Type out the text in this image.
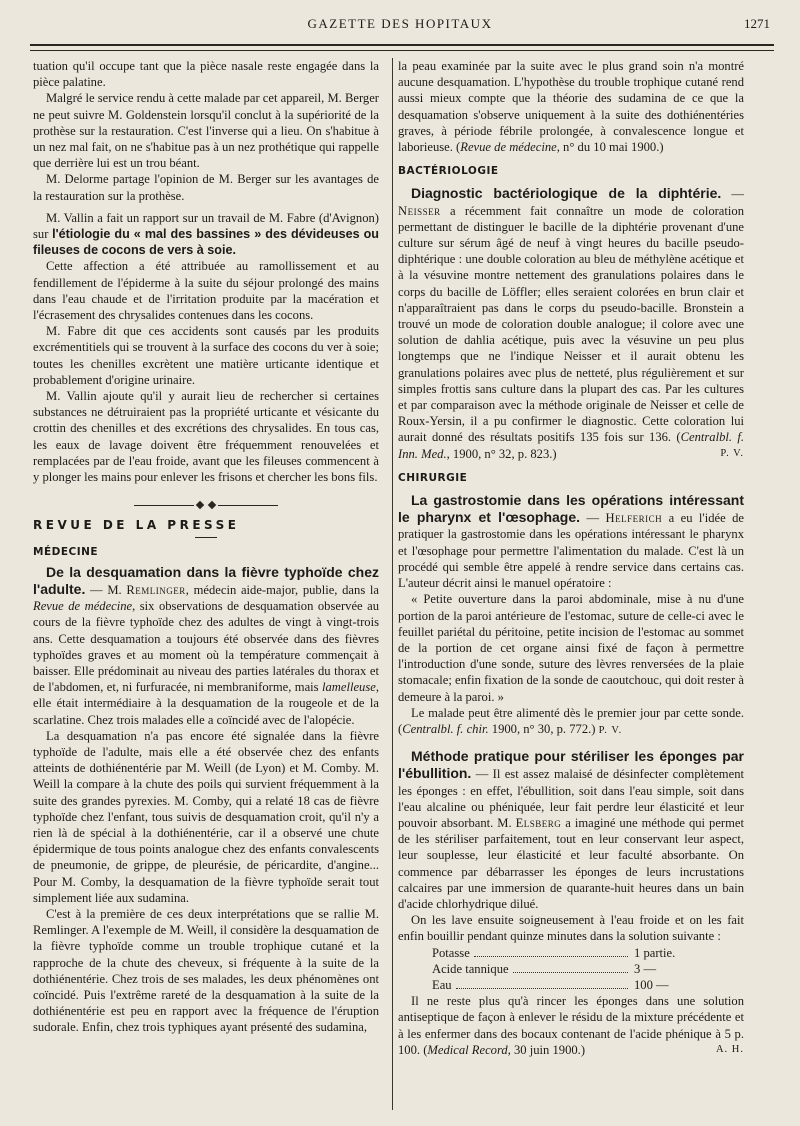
GAZETTE DES HOPITAUX	1271

tuation qu'il occupe tant que la pièce nasale reste engagée dans la pièce palatine.

Malgré le service rendu à cette malade par cet appareil, M. Berger ne peut suivre M. Goldenstein lorsqu'il conclut à la supériorité de la prothèse sur la restauration. C'est l'inverse qui a lieu. On s'habitue à un nez mal fait, on ne s'habitue pas à un nez prothétique qui rappelle que derrière lui est un trou béant.

M. Delorme partage l'opinion de M. Berger sur les avantages de la restauration sur la prothèse.

M. Vallin a fait un rapport sur un travail de M. Fabre (d'Avignon) sur l'étiologie du « mal des bassines » des dévideuses ou fileuses de cocons de vers à soie.

Cette affection a été attribuée au ramollissement et au fendillement de l'épiderme à la suite du séjour prolongé des mains dans l'eau chaude et de l'irritation produite par la macération et l'écrasement des chrysalides contenues dans les cocons.

M. Fabre dit que ces accidents sont causés par les produits excrémentitiels qui se trouvent à la surface des cocons du ver à soie; toutes les chenilles excrètent une matière urticante identique et probablement d'origine urinaire.

M. Vallin ajoute qu'il y aurait lieu de rechercher si certaines substances ne détruiraient pas la propriété urticante et vésicante du crottin des chenilles et des excrétions des chrysalides. En tous cas, les eaux de lavage doivent être fréquemment renouvelées et remplacées par de l'eau froide, avant que les fileuses commencent à y plonger les mains pour enlever les frisons et chercher les bons fils.

REVUE DE LA PRESSE

MÉDECINE

De la desquamation dans la fièvre typhoïde chez l'adulte. — M. Remlinger, médecin aide-major, publie, dans la Revue de médecine, six observations de desquamation observée au cours de la fièvre typhoïde chez des adultes de vingt à vingt-trois ans. Cette desquamation a toujours été observée dans des fièvres typhoïdes graves et au moment où la température commençait à baisser. Elle prédominait au niveau des parties latérales du thorax et de l'abdomen, et, ni furfuracée, ni membraniforme, mais lamelleuse, elle était intermédiaire à la desquamation de la rougeole et de la scarlatine. Chez trois malades elle a coïncidé avec de l'alopécie.

La desquamation n'a pas encore été signalée dans la fièvre typhoïde de l'adulte, mais elle a été observée chez des enfants atteints de dothiénentérie par M. Weill (de Lyon) et M. Comby. M. Weill la compare à la chute des poils qui survient fréquemment à la suite des grandes pyrexies. M. Comby, qui a relaté 18 cas de fièvre typhoïde chez l'enfant, tous suivis de desquamation croit, qu'il n'y a rien là de spécial à la dothiénentérie, car il a observé une chute épidermique de tous points analogue chez des enfants convalescents de pneumonie, de grippe, de pleurésie, de péricardite, d'angine... Pour M. Comby, la desquamation de la fièvre typhoïde serait tout simplement liée aux sudamina.

C'est à la première de ces deux interprétations que se rallie M. Remlinger. A l'exemple de M. Weill, il considère la desquamation de la fièvre typhoïde comme un trouble trophique cutané et la rapproche de la chute des cheveux, si fréquente à la suite de la dothiénentérie. Chez trois de ses malades, les deux phénomènes ont coïncidé. Puis l'extrême rareté de la desquamation à la suite de la dothiénentérie est peu en rapport avec la fréquence de l'éruption sudorale. Enfin, chez trois typhiques ayant présenté des sudamina,

la peau examinée par la suite avec le plus grand soin n'a montré aucune desquamation. L'hypothèse du trouble trophique cutané rend aussi mieux compte que la théorie des sudamina de ce que la desquamation s'observe uniquement à la suite des dothiénentéries graves, à période fébrile prolongée, à convalescence longue et laborieuse. (Revue de médecine, n° du 10 mai 1900.)

BACTÉRIOLOGIE

Diagnostic bactériologique de la diphtérie. — Neisser a récemment fait connaître un mode de coloration permettant de distinguer le bacille de la diphtérie provenant d'une culture sur sérum âgé de neuf à vingt heures du bacille pseudo-diphtérique : une double coloration au bleu de méthylène acétique et à la vésuvine montre nettement des granulations polaires dans le corps du bacille de Löffler; elles seraient colorées en brun clair et n'apparaîtraient pas dans le corps du pseudo-bacille. Bronstein a trouvé un mode de coloration double analogue; il colore avec une solution de dahlia acétique, puis avec la vésuvine un peu plus longtemps que ne l'indique Neisser et il aurait obtenu les granulations polaires avec plus de netteté, plus régulièrement et sur simples frottis sans culture dans la plupart des cas. Par les cultures et par comparaison avec la méthode originale de Neisser et celle de Roux-Yersin, il a pu confirmer le diagnostic. Cette coloration lui aurait donné des résultats positifs 135 fois sur 136. (Centralbl. f. Inn. Med., 1900, n° 32, p. 823.)	P. V.

CHIRURGIE

La gastrostomie dans les opérations intéressant le pharynx et l'œsophage. — Helferich a eu l'idée de pratiquer la gastrostomie dans les opérations intéressant le pharynx et l'œsophage pour permettre l'alimentation du malade. C'est là un procédé qui semble être appelé à rendre service dans certains cas. L'auteur décrit ainsi le manuel opératoire :

« Petite ouverture dans la paroi abdominale, mise à nu d'une portion de la paroi antérieure de l'estomac, suture de celle-ci avec le feuillet pariétal du péritoine, petite incision de l'estomac au sommet de la portion de cet organe ainsi fixé de façon à permettre l'introduction d'une sonde, suture des lèvres renversées de la plaie stomacale; enfin fixation de la sonde de caoutchouc, qui doit rester à demeure à la paroi. »

Le malade peut être alimenté dès le premier jour par cette sonde. (Centralbl. f. chir. 1900, n° 30, p. 772.) P. V.

Méthode pratique pour stériliser les éponges par l'ébullition. — Il est assez malaisé de désinfecter complètement les éponges : en effet, l'ébullition, soit dans l'eau simple, soit dans l'eau alcaline ou phéniquée, leur fait perdre leur élasticité et leur pouvoir absorbant. M. Elsberg a imaginé une méthode qui permet de les stériliser parfaitement, tout en leur conservant leur aspect, leur souplesse, leur élasticité et leur faculté absorbante. On commence par débarrasser les éponges de leurs incrustations calcaires par une immersion de quarante-huit heures dans un bain d'acide chlorhydrique dilué.

On les lave ensuite soigneusement à l'eau froide et on les fait enfin bouillir pendant quinze minutes dans la solution suivante :

Potasse	1 partie.
Acide tannique	3 —
Eau	100 —

Il ne reste plus qu'à rincer les éponges dans une solution antiseptique de façon à enlever le résidu de la mixture précédente et à les enfermer dans des bocaux contenant de l'acide phénique à 5 p. 100. (Medical Record, 30 juin 1900.)	A. H.
